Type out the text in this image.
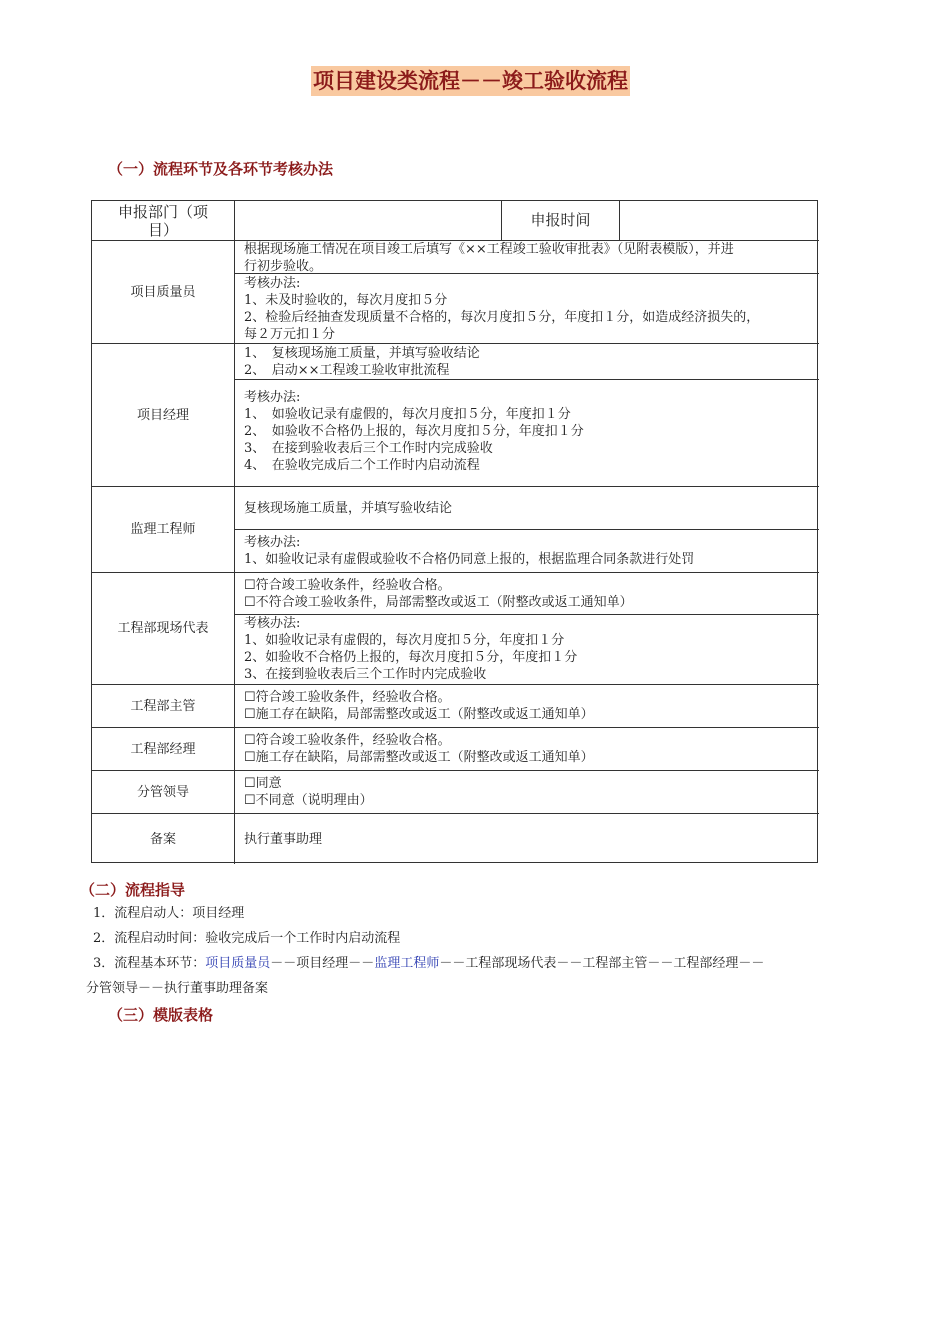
项目建设类流程－－竣工验收流程
（一）流程环节及各环节考核办法
申报部门（项目）
申报时间
项目质量员
项目经理
监理工程师
工程部现场代表
工程部主管
工程部经理
分管领导
备案
根据现场施工情况在项目竣工后填写《××工程竣工验收审批表》（见附表模版），并进
行初步验收。
考核办法:
1、未及时验收的，每次月度扣５分
2、检验后经抽查发现质量不合格的，每次月度扣５分，年度扣１分，如造成经济损失的，
每２万元扣１分
1、　复核现场施工质量，并填写验收结论
2、　启动××工程竣工验收审批流程
考核办法:
1、　如验收记录有虚假的，每次月度扣５分，年度扣１分
2、　如验收不合格仍上报的，每次月度扣５分，年度扣１分
3、　在接到验收表后三个工作时内完成验收
4、　在验收完成后二个工作时内启动流程
复核现场施工质量，并填写验收结论
考核办法:
1、如验收记录有虚假或验收不合格仍同意上报的，根据监理合同条款进行处罚
☐符合竣工验收条件，经验收合格。
☐不符合竣工验收条件，局部需整改或返工（附整改或返工通知单）
考核办法:
1、如验收记录有虚假的，每次月度扣５分，年度扣１分
2、如验收不合格仍上报的，每次月度扣５分，年度扣１分
3、在接到验收表后三个工作时内完成验收
☐符合竣工验收条件，经验收合格。
☐施工存在缺陷，局部需整改或返工（附整改或返工通知单）
☐符合竣工验收条件，经验收合格。
☐施工存在缺陷，局部需整改或返工（附整改或返工通知单）
☐同意
☐不同意（说明理由）
执行董事助理
（二）流程指导
1．流程启动人：项目经理
2．流程启动时间：验收完成后一个工作时内启动流程
3．流程基本环节：项目质量员－－项目经理－－监理工程师－－工程部现场代表－－工程部主管－－工程部经理－－
分管领导－－执行董事助理备案
（三）模版表格
